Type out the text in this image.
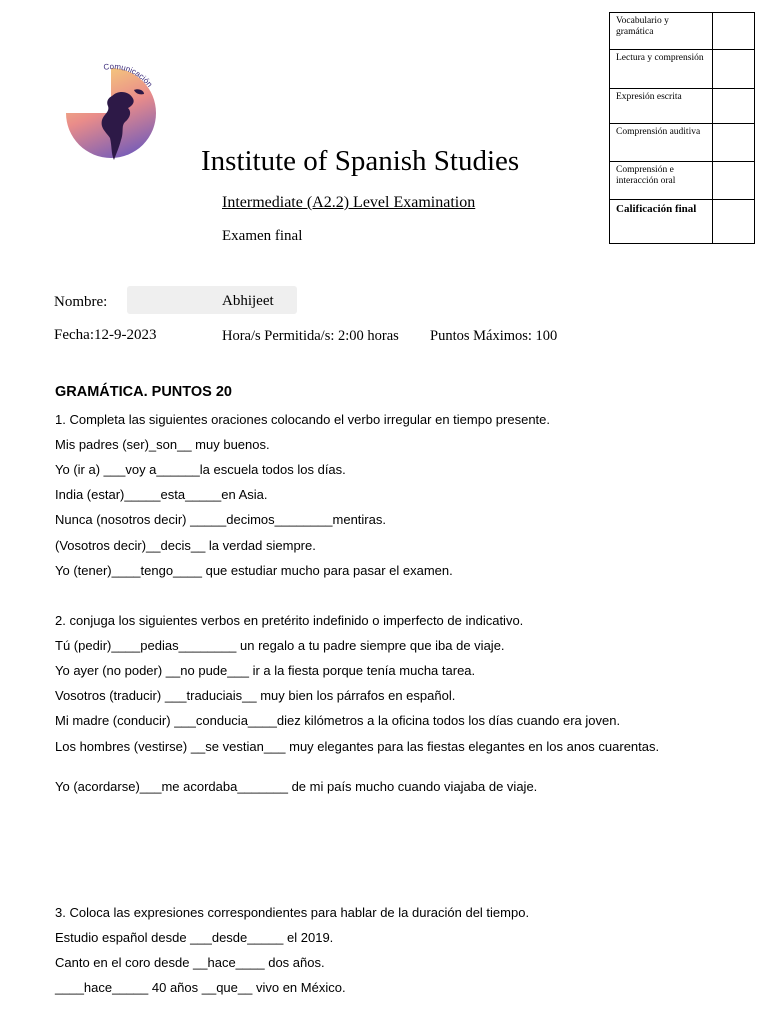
Comunicación
Vocabulario y gramática	
Lectura y comprensión	
Expresión escrita	
Comprensión auditiva	
Comprensión e interacción oral	
Calificación final	
Institute of Spanish Studies
Intermediate (A2.2) Level Examination
Examen final
Nombre:	Abhijeet
Fecha:12-9-2023	Hora/s Permitida/s: 2:00 horas Puntos Máximos: 100
GRAMÁTICA. PUNTOS 20
1. Completa las siguientes oraciones colocando el verbo irregular en tiempo presente.
Mis padres (ser)_son__ muy buenos.
Yo (ir a) ___voy a______la escuela todos los días.
India (estar)_____esta_____en Asia.
Nunca (nosotros decir) _____decimos________mentiras.
(Vosotros decir)__decis__ la verdad siempre.
Yo (tener)____tengo____ que estudiar mucho para pasar el examen.
2. conjuga los siguientes verbos en pretérito indefinido o imperfecto de indicativo.
Tú (pedir)____pedias________ un regalo a tu padre siempre que iba de viaje.
Yo ayer (no poder) __no pude___ ir a la fiesta porque tenía mucha tarea.
Vosotros (traducir) ___traduciais__ muy bien los párrafos en español.
Mi madre (conducir) ___conducia____diez kilómetros a la oficina todos los días cuando era joven.
Los hombres (vestirse) __se vestian___ muy elegantes para las fiestas elegantes en los anos cuarentas.
Yo (acordarse)___me acordaba_______ de mi país mucho cuando viajaba de viaje.
3. Coloca las expresiones correspondientes para hablar de la duración del tiempo.
Estudio español desde ___desde_____ el 2019.
Canto en el coro desde __hace____ dos años.
____hace_____ 40 años __que__ vivo en México.
